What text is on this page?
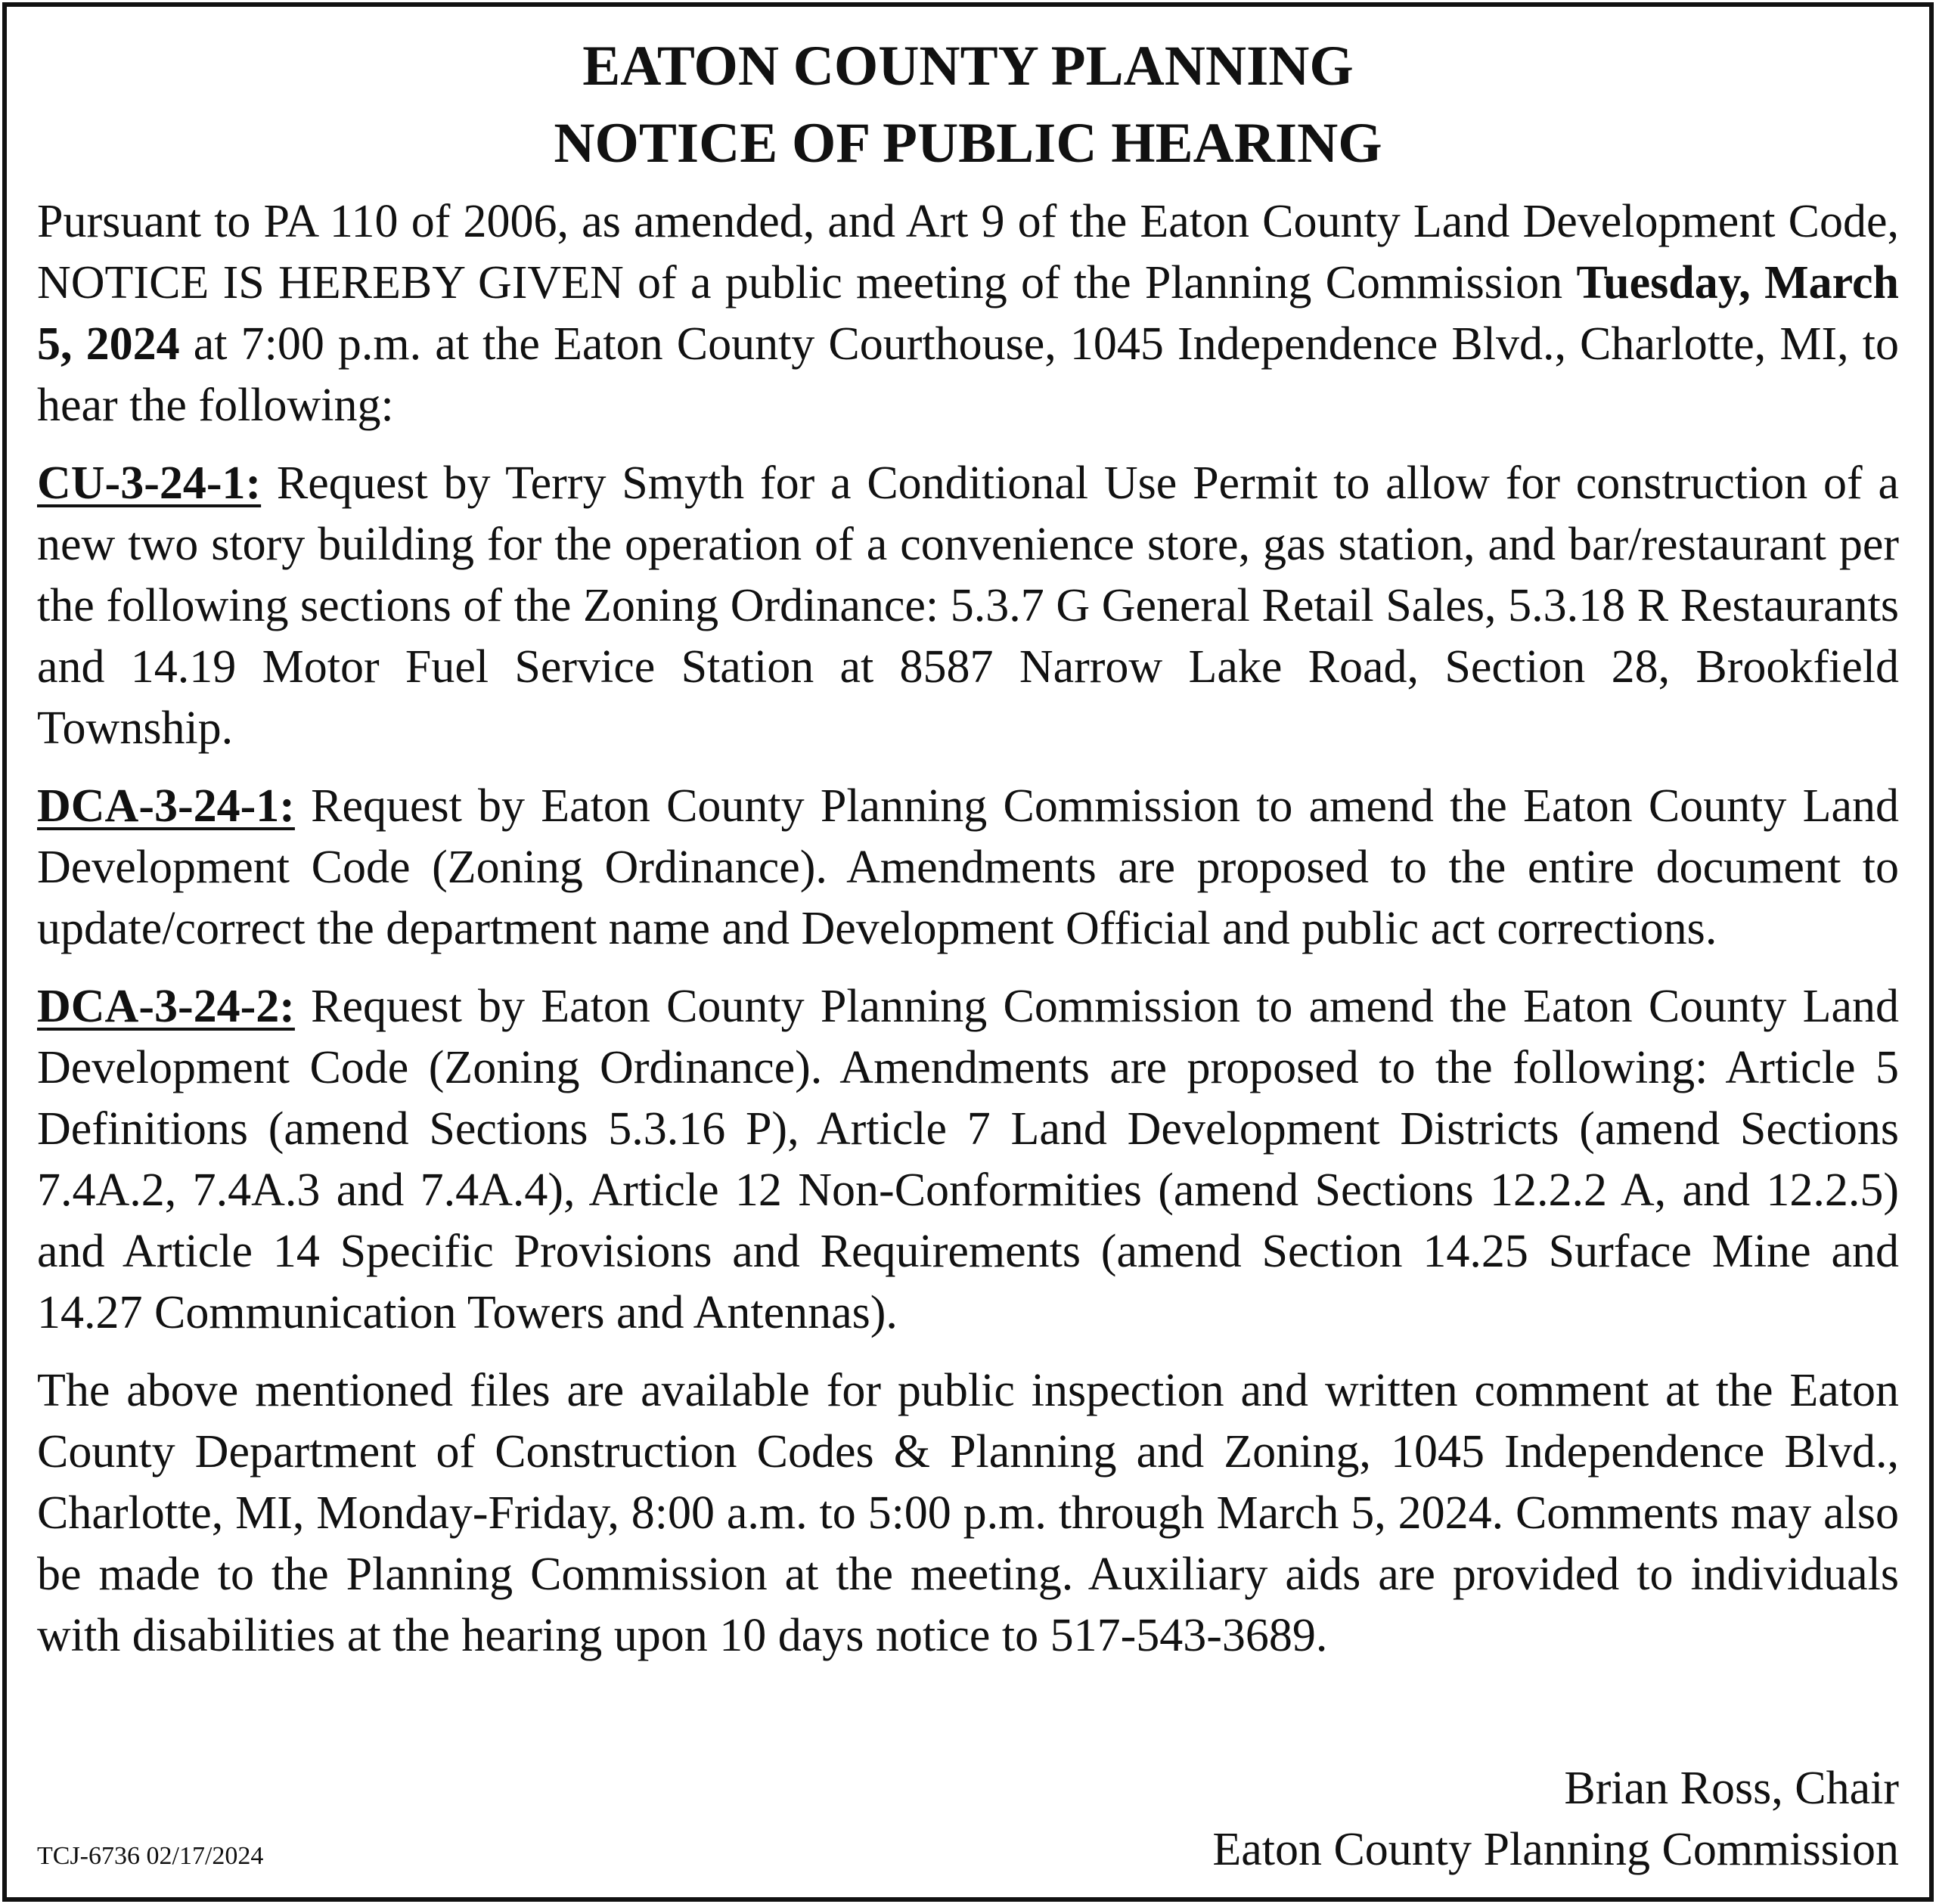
EATON COUNTY PLANNING
NOTICE OF PUBLIC HEARING

Pursuant to PA 110 of 2006, as amended, and Art 9 of the Eaton County Land Development Code, NOTICE IS HEREBY GIVEN of a public meeting of the Planning Commission Tuesday, March 5, 2024 at 7:00 p.m. at the Eaton County Courthouse, 1045 Independence Blvd., Charlotte, MI, to hear the following:

CU-3-24-1: Request by Terry Smyth for a Conditional Use Permit to allow for construction of a new two story building for the operation of a convenience store, gas station, and bar/restaurant per the following sections of the Zoning Ordinance: 5.3.7 G General Retail Sales, 5.3.18 R Restaurants and 14.19 Motor Fuel Service Station at 8587 Narrow Lake Road, Section 28, Brookfield Township.

DCA-3-24-1: Request by Eaton County Planning Commission to amend the Eaton County Land Development Code (Zoning Ordinance). Amendments are proposed to the entire document to update/correct the department name and Development Official and public act corrections.

DCA-3-24-2: Request by Eaton County Planning Commission to amend the Eaton County Land Development Code (Zoning Ordinance). Amendments are proposed to the following: Article 5 Definitions (amend Sections 5.3.16 P), Article 7 Land Development Districts (amend Sections 7.4A.2, 7.4A.3 and 7.4A.4), Article 12 Non-Conformities (amend Sections 12.2.2 A, and 12.2.5) and Article 14 Specific Provisions and Requirements (amend Section 14.25 Surface Mine and 14.27 Communication Towers and Antennas).

The above mentioned files are available for public inspection and written comment at the Eaton County Department of Construction Codes & Planning and Zoning, 1045 Independence Blvd., Charlotte, MI, Monday-Friday, 8:00 a.m. to 5:00 p.m. through March 5, 2024. Comments may also be made to the Planning Commission at the meeting. Auxiliary aids are provided to individuals with disabilities at the hearing upon 10 days notice to 517-543-3689.

TCJ-6736 02/17/2024
Brian Ross, Chair
Eaton County Planning Commission
